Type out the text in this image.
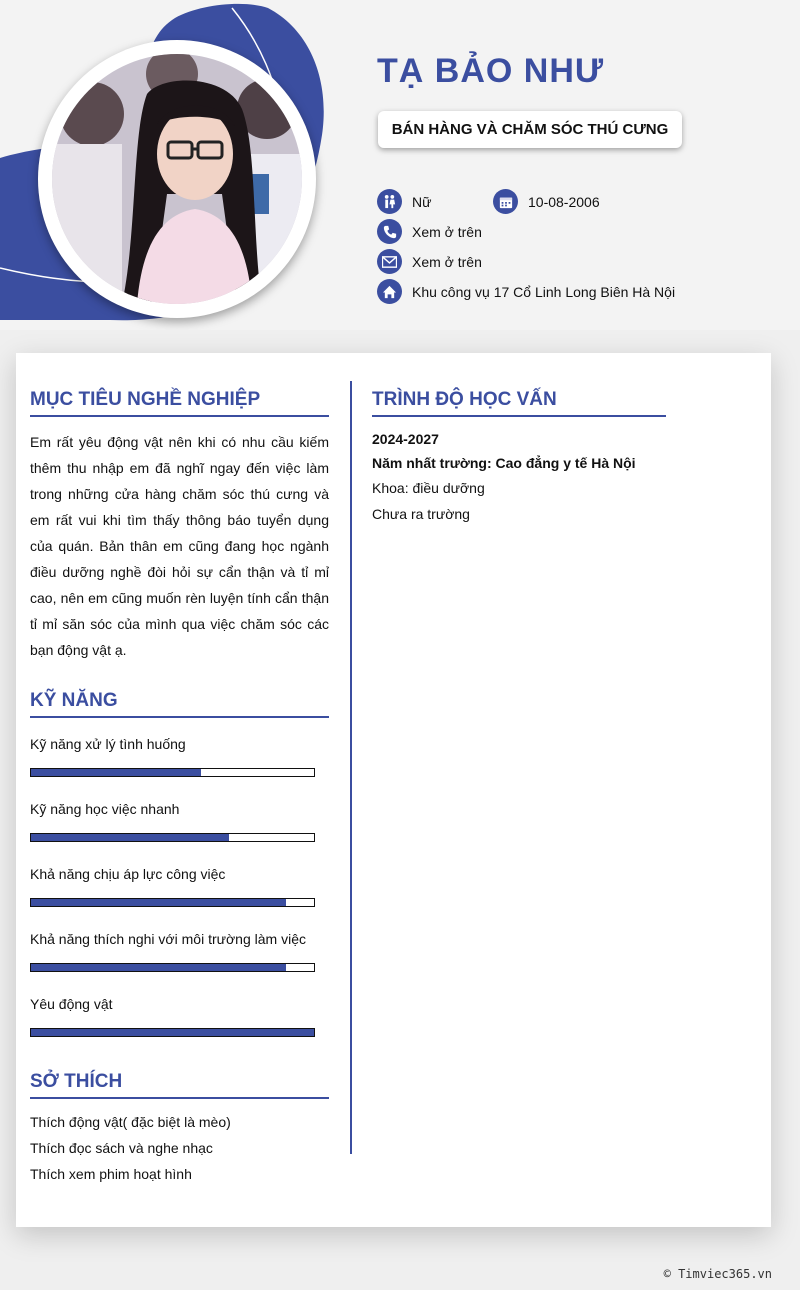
TẠ BẢO NHƯ
BÁN HÀNG VÀ CHĂM SÓC THÚ CƯNG
Nữ	10-08-2006
Xem ở trên
Xem ở trên
Khu công vụ 17 Cổ Linh Long Biên Hà Nội
MỤC TIÊU NGHỀ NGHIỆP
Em rất yêu động vật nên khi có nhu cầu kiếm thêm thu nhập em đã nghĩ ngay đến việc làm trong những cửa hàng chăm sóc thú cưng và em rất vui khi tìm thấy thông báo tuyển dụng của quán. Bản thân em cũng đang học ngành điều dưỡng nghề đòi hỏi sự cẩn thận và tỉ mỉ cao, nên em cũng muốn rèn luyện tính cẩn thận tỉ mỉ săn sóc của mình qua việc chăm sóc các bạn động vật ạ.
KỸ NĂNG
Kỹ năng xử lý tình huống
Kỹ năng học việc nhanh
Khả năng chịu áp lực công việc
Khả năng thích nghi với môi trường làm việc
Yêu động vật
SỞ THÍCH
Thích động vật( đặc biệt là mèo)
Thích đọc sách và nghe nhạc
Thích xem phim hoạt hình
TRÌNH ĐỘ HỌC VẤN
2024-2027
Năm nhất trường: Cao đẳng y tế Hà Nội
Khoa: điều dưỡng
Chưa ra trường
© Timviec365.vn
